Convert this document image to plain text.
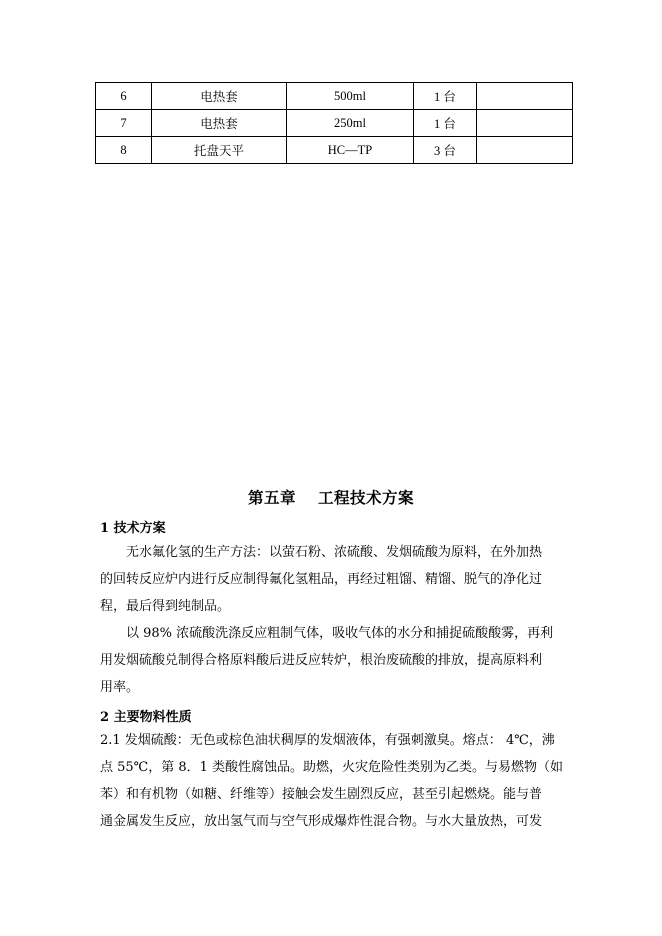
6	电热套	500ml	1 台	
7	电热套	250ml	1 台	
8	托盘天平	HC—TP	3 台	
第五章 工程技术方案
1 技术方案
无水氟化氢的生产方法：以萤石粉、浓硫酸、发烟硫酸为原料，在外加热
的回转反应炉内进行反应制得氟化氢粗品，再经过粗馏、精馏、脱气的净化过
程，最后得到纯制品。
以 98% 浓硫酸洗涤反应粗制气体，吸收气体的水分和捕捉硫酸酸雾，再利
用发烟硫酸兑制得合格原料酸后进反应转炉，根治废硫酸的排放，提高原料利
用率。
2 主要物料性质
2.1 发烟硫酸：无色或棕色油状稠厚的发烟液体，有强刺激臭。熔点： 4℃，沸
点 55℃，第 8．1 类酸性腐蚀品。助燃，火灾危险性类别为乙类。与易燃物（如
苯）和有机物（如糖、纤维等）接触会发生剧烈反应，甚至引起燃烧。能与普
通金属发生反应，放出氢气而与空气形成爆炸性混合物。与水大量放热，可发
